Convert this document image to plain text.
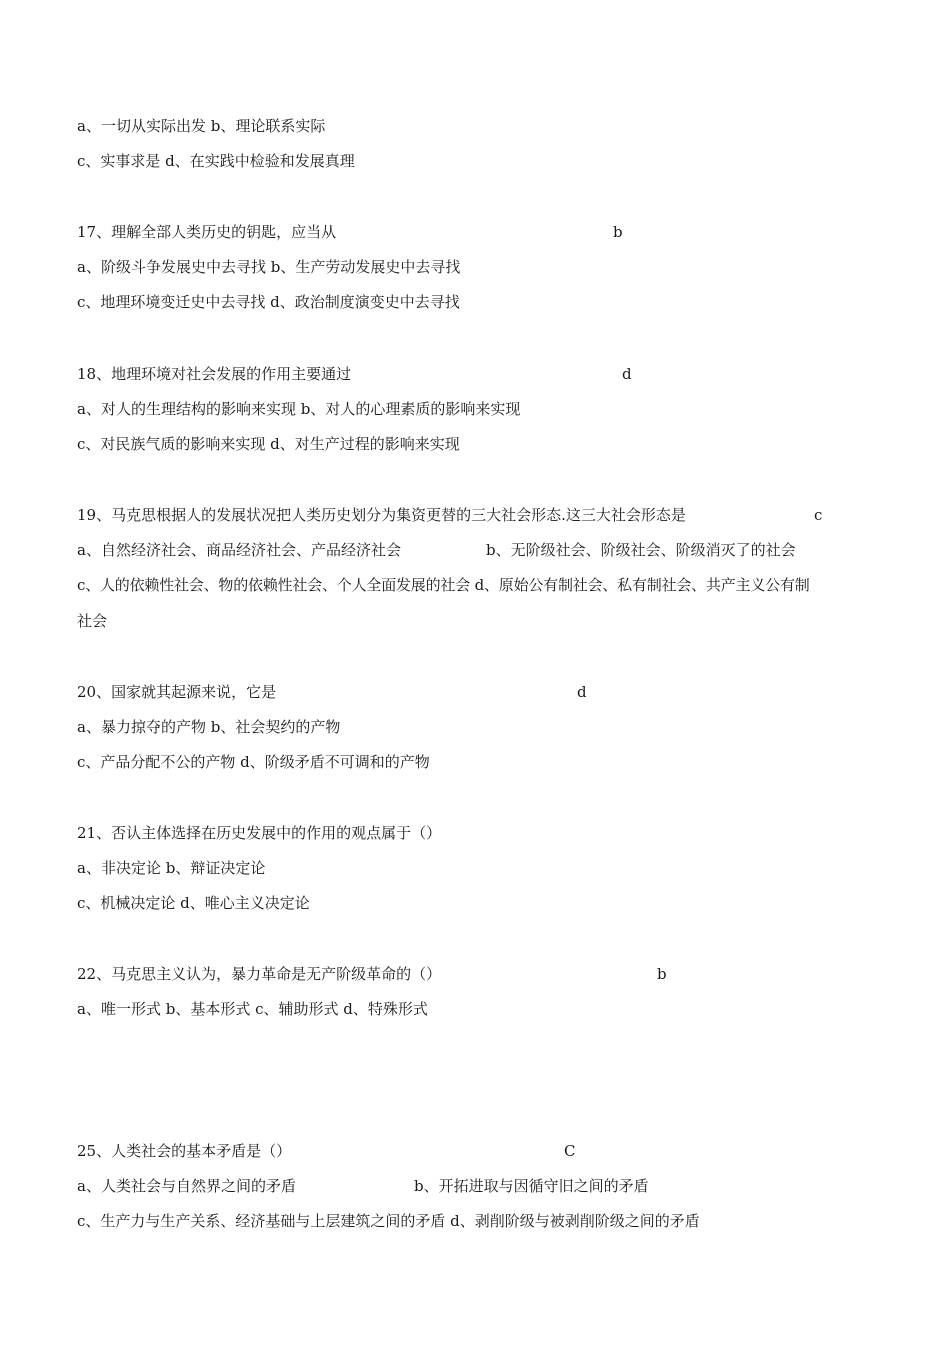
a、一切从实际出发 b、理论联系实际
c、实事求是 d、在实践中检验和发展真理
17、理解全部人类历史的钥匙，应当从	b
a、阶级斗争发展史中去寻找 b、生产劳动发展史中去寻找
c、地理环境变迁史中去寻找 d、政治制度演变史中去寻找
18、地理环境对社会发展的作用主要通过	d
a、对人的生理结构的影响来实现 b、对人的心理素质的影响来实现
c、对民族气质的影响来实现 d、对生产过程的影响来实现
19、马克思根据人的发展状况把人类历史划分为集资更替的三大社会形态.这三大社会形态是	c
a、自然经济社会、商品经济社会、产品经济社会	b、无阶级社会、阶级社会、阶级消灭了的社会
c、人的依赖性社会、物的依赖性社会、个人全面发展的社会 d、原始公有制社会、私有制社会、共产主义公有制
社会
20、国家就其起源来说，它是	d
a、暴力掠夺的产物 b、社会契约的产物
c、产品分配不公的产物 d、阶级矛盾不可调和的产物
21、否认主体选择在历史发展中的作用的观点属于（）
a、非决定论 b、辩证决定论
c、机械决定论 d、唯心主义决定论
22、马克思主义认为，暴力革命是无产阶级革命的（）	b
a、唯一形式 b、基本形式 c、辅助形式 d、特殊形式
25、人类社会的基本矛盾是（）	C
a、人类社会与自然界之间的矛盾	b、开拓进取与因循守旧之间的矛盾
c、生产力与生产关系、经济基础与上层建筑之间的矛盾 d、剥削阶级与被剥削阶级之间的矛盾
